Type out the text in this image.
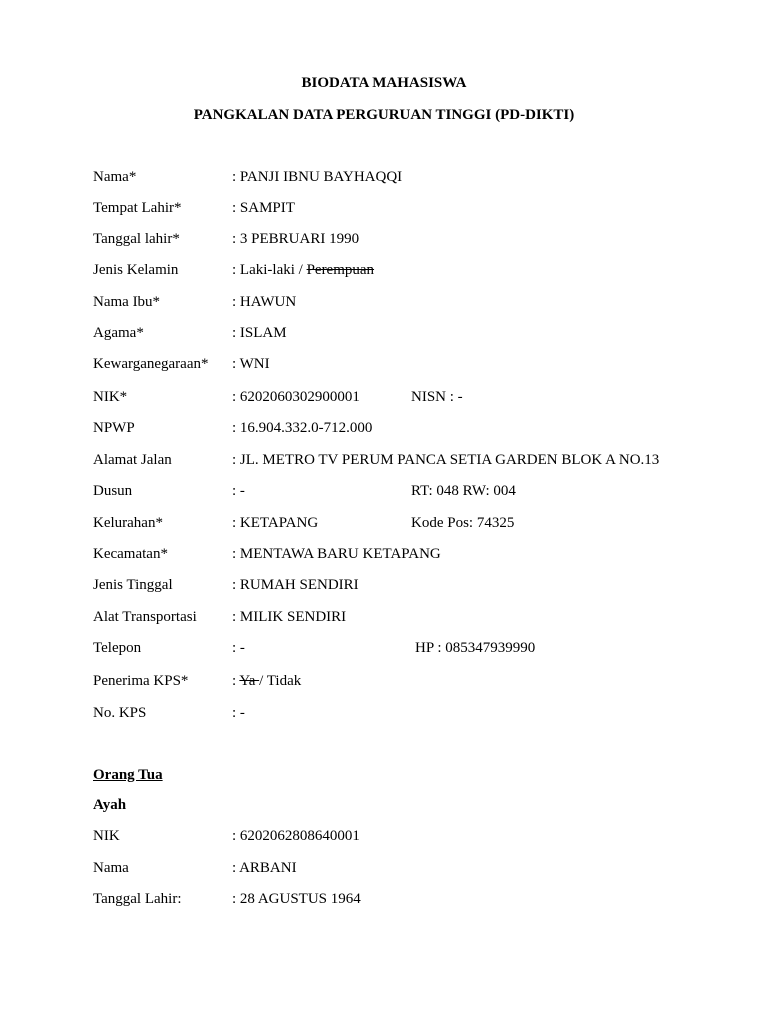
BIODATA MAHASISWA
PANGKALAN DATA PERGURUAN TINGGI (PD-DIKTI)
Nama*	: PANJI IBNU BAYHAQQI
Tempat Lahir*	: SAMPIT
Tanggal lahir*	: 3 PEBRUARI 1990
Jenis Kelamin	: Laki-laki / Perempuan
Nama Ibu*	: HAWUN
Agama*	: ISLAM
Kewarganegaraan* : WNI
NIK*	: 6202060302900001	NISN : -
NPWP	: 16.904.332.0-712.000
Alamat Jalan	: JL. METRO TV PERUM PANCA SETIA GARDEN BLOK A NO.13
Dusun	: -	RT: 048 RW: 004
Kelurahan*	: KETAPANG	Kode Pos: 74325
Kecamatan*	: MENTAWA BARU KETAPANG
Jenis Tinggal	: RUMAH SENDIRI
Alat Transportasi : MILIK SENDIRI
Telepon	: -	HP : 085347939990
Penerima KPS*	: Ya / Tidak
No. KPS	: -
Orang Tua
Ayah
NIK	: 6202062808640001
Nama	: ARBANI
Tanggal Lahir:	: 28 AGUSTUS 1964
